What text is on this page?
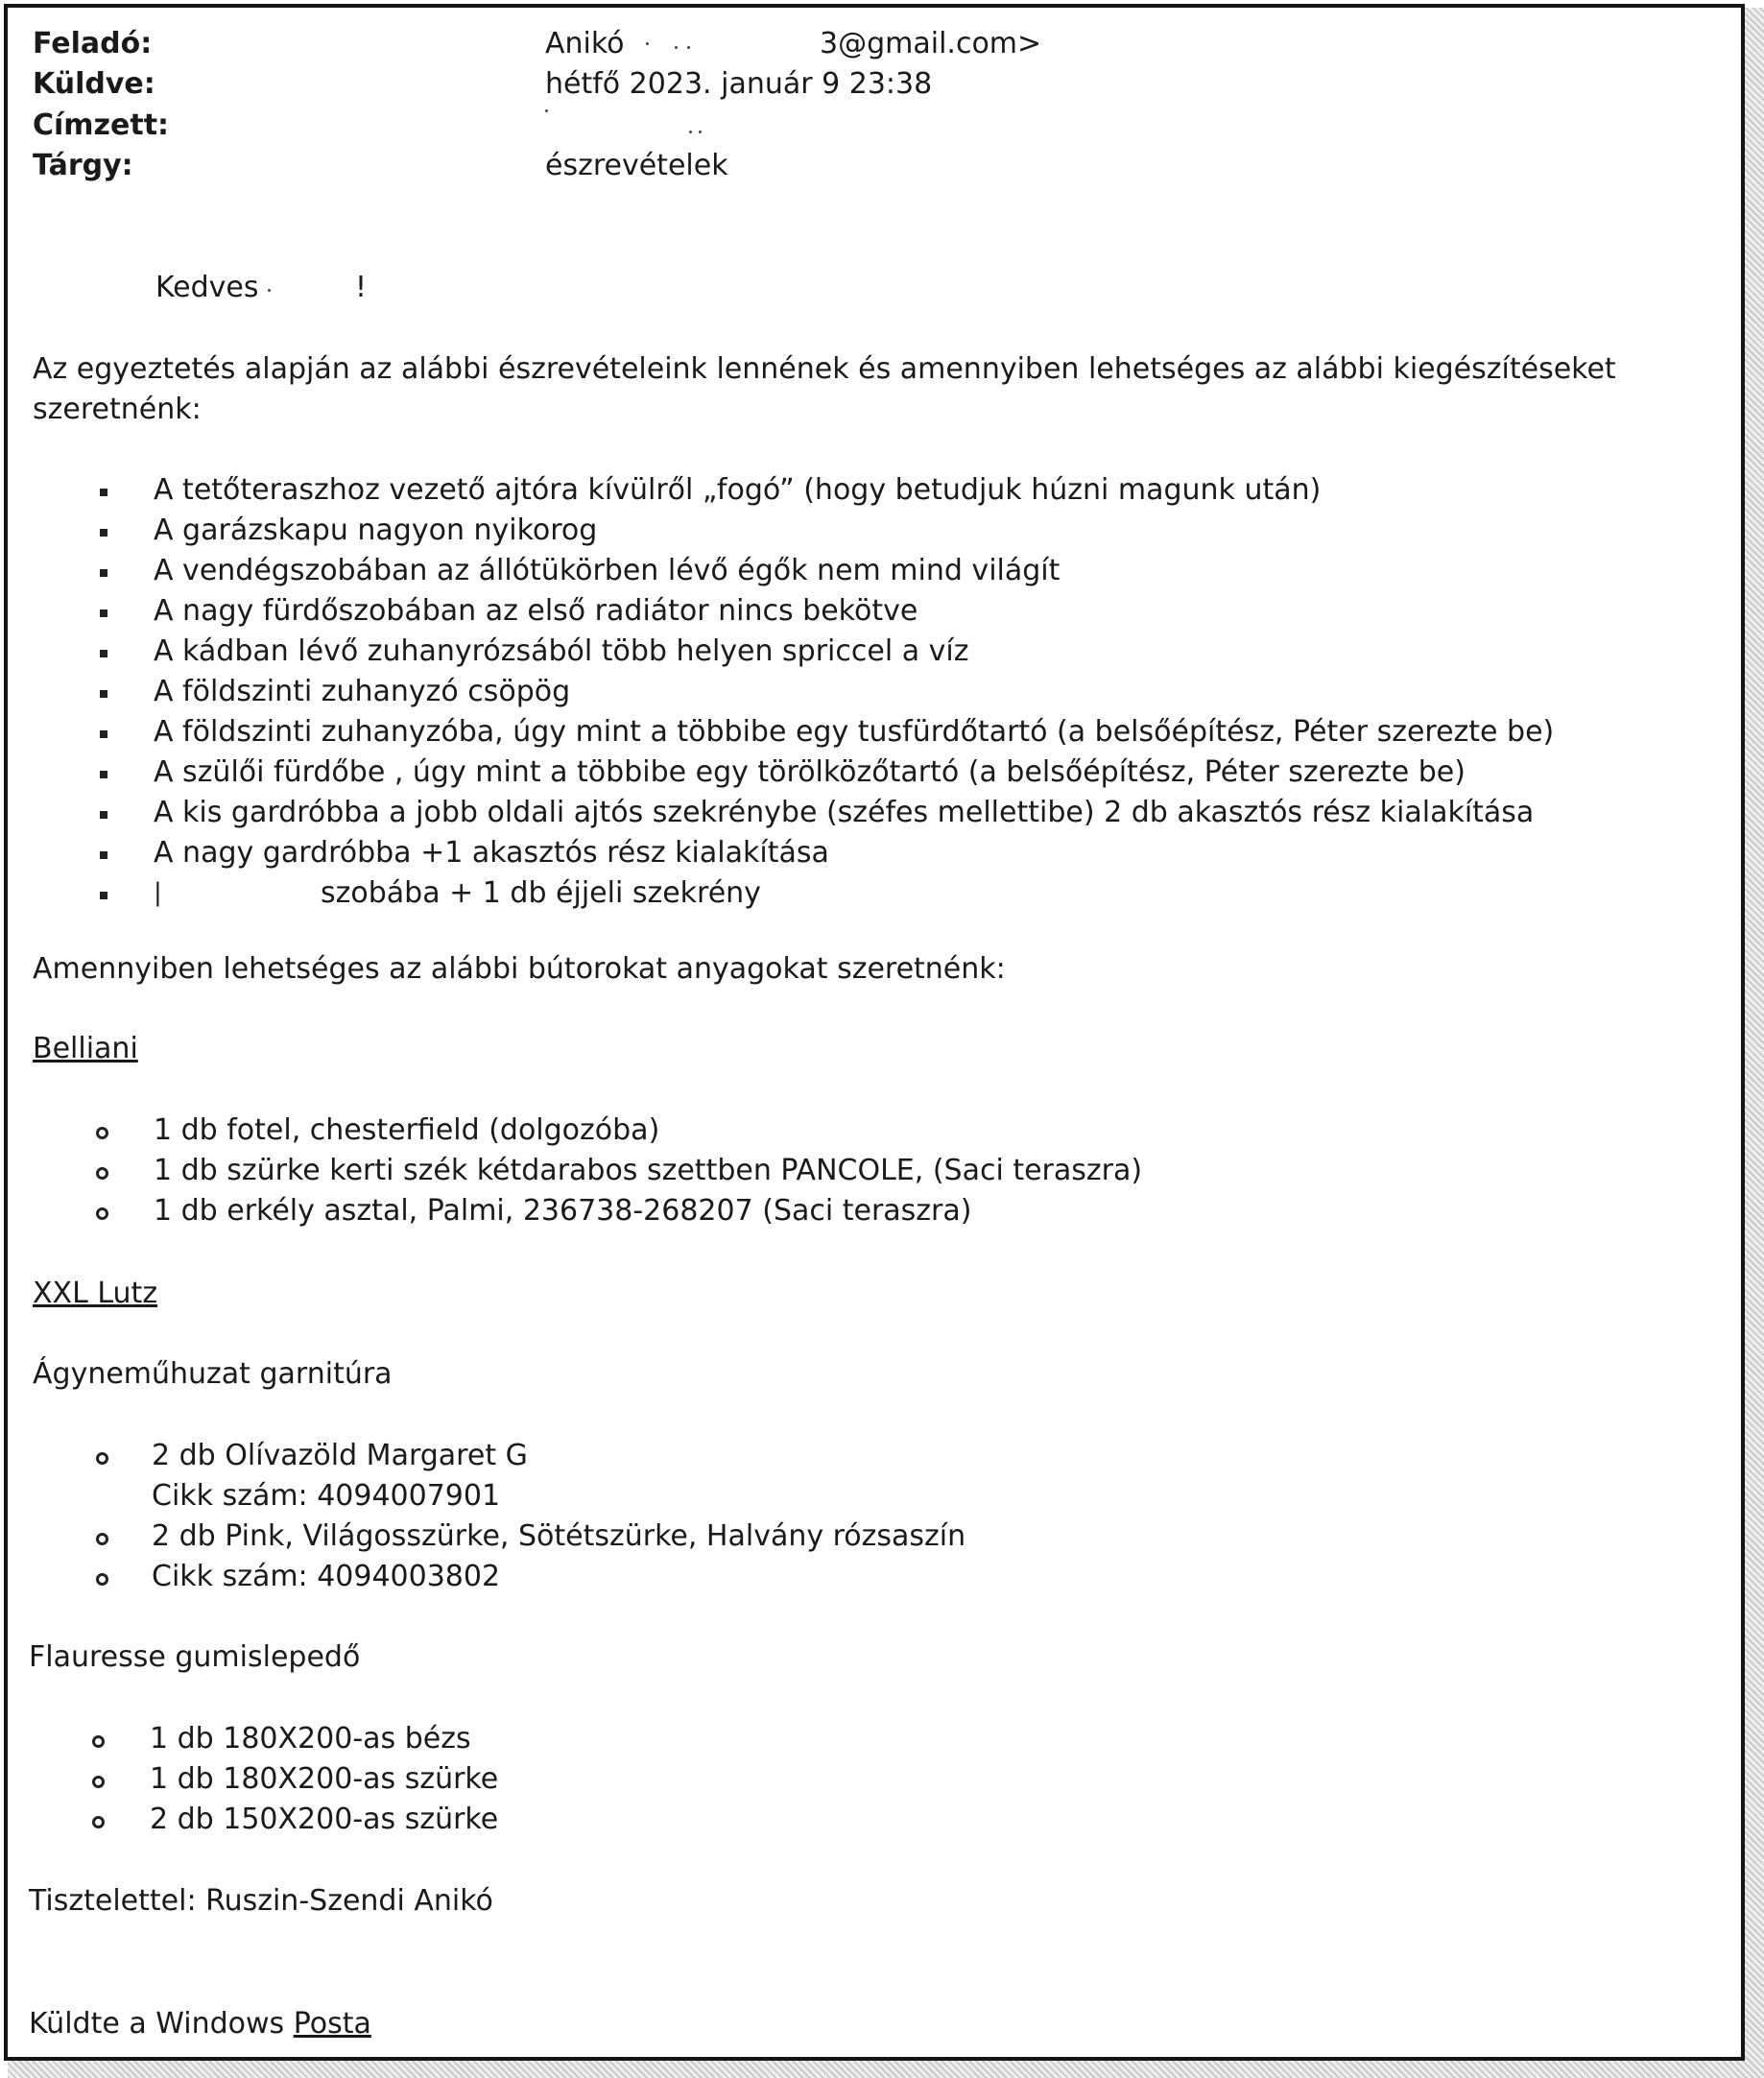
Feladó:	Anikó	3@gmail.com>
Küldve:	hétfő 2023. január 9 23:38
Címzett:
Tárgy:	észrevételek
Kedves	!
Az egyeztetés alapján az alábbi észrevételeink lennének és amennyiben lehetséges az alábbi kiegészítéseket
szeretnénk:
A tetőteraszhoz vezető ajtóra kívülről „fogó” (hogy betudjuk húzni magunk után)
A garázskapu nagyon nyikorog
A vendégszobában az állótükörben lévő égők nem mind világít
A nagy fürdőszobában az első radiátor nincs bekötve
A kádban lévő zuhanyrózsából több helyen spriccel a víz
A földszinti zuhanyzó csöpög
A földszinti zuhanyzóba, úgy mint a többibe egy tusfürdőtartó (a belsőépítész, Péter szerezte be)
A szülői fürdőbe , úgy mint a többibe egy törölközőtartó (a belsőépítész, Péter szerezte be)
A kis gardróbba a jobb oldali ajtós szekrénybe (széfes mellettibe) 2 db akasztós rész kialakítása
A nagy gardróbba +1 akasztós rész kialakítása
|	szobába + 1 db éjjeli szekrény
Amennyiben lehetséges az alábbi bútorokat anyagokat szeretnénk:
Belliani
1 db fotel, chesterfield (dolgozóba)
1 db szürke kerti szék kétdarabos szettben PANCOLE, (Saci teraszra)
1 db erkély asztal, Palmi, 236738-268207 (Saci teraszra)
XXL Lutz
Ágyneműhuzat garnitúra
2 db Olívazöld Margaret G
Cikk szám: 4094007901
2 db Pink, Világosszürke, Sötétszürke, Halvány rózsaszín
Cikk szám: 4094003802
Flauresse gumislepedő
1 db 180X200-as bézs
1 db 180X200-as szürke
2 db 150X200-as szürke
Tisztelettel: Ruszin-Szendi Anikó
Küldte a Windows Posta
